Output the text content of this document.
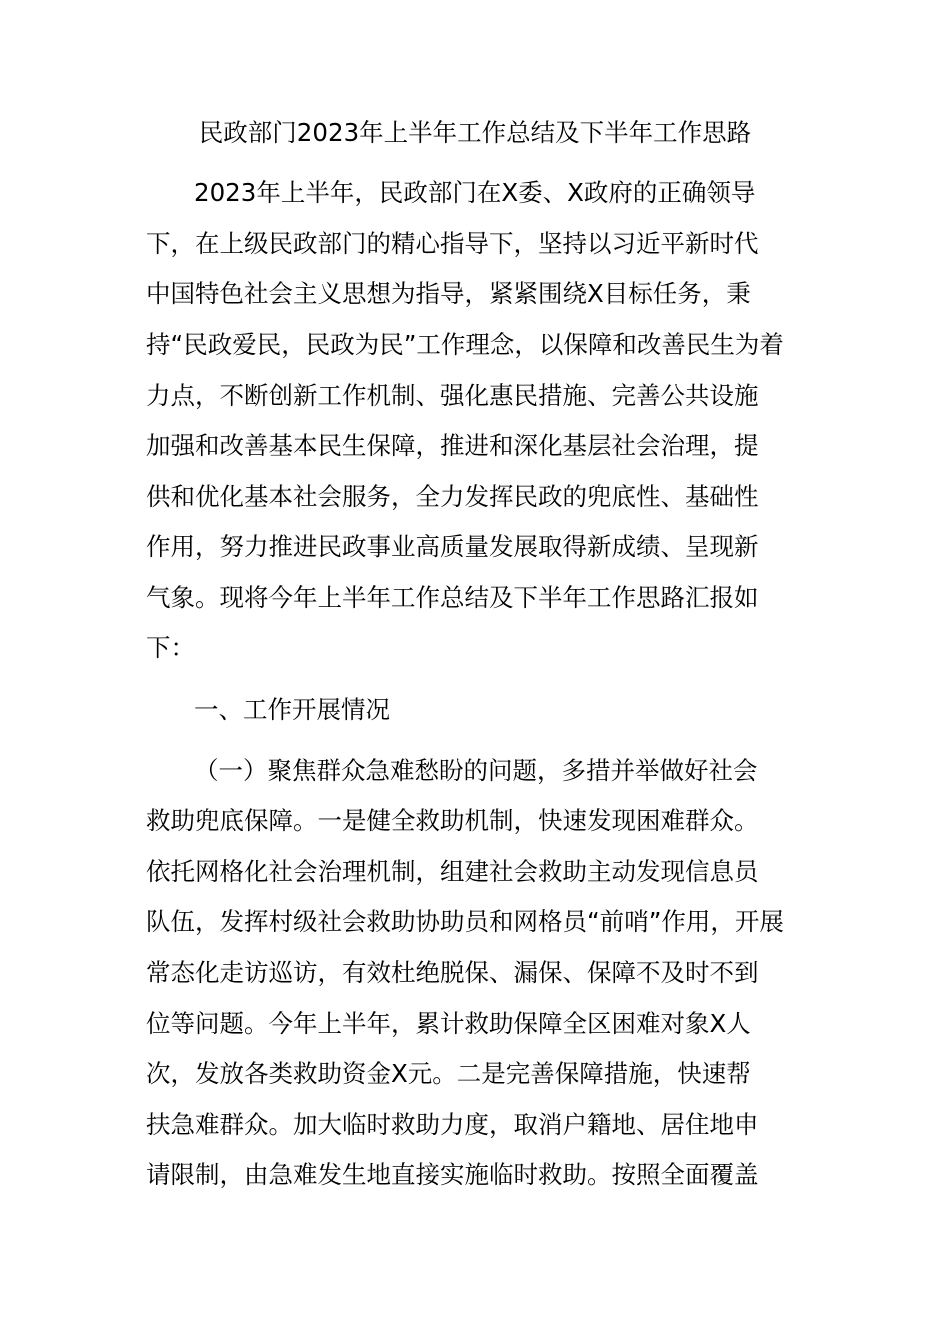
民政部门2023年上半年工作总结及下半年工作思路
2023年上半年，民政部门在X委、X政府的正确领导
下，在上级民政部门的精心指导下，坚持以习近平新时代
中国特色社会主义思想为指导，紧紧围绕X目标任务，秉
持“民政爱民，民政为民”工作理念，以保障和改善民生为着
力点，不断创新工作机制、强化惠民措施、完善公共设施
加强和改善基本民生保障，推进和深化基层社会治理，提
供和优化基本社会服务，全力发挥民政的兜底性、基础性
作用，努力推进民政事业高质量发展取得新成绩、呈现新
气象。现将今年上半年工作总结及下半年工作思路汇报如
下：
一、工作开展情况
（一）聚焦群众急难愁盼的问题，多措并举做好社会
救助兜底保障。一是健全救助机制，快速发现困难群众。
依托网格化社会治理机制，组建社会救助主动发现信息员
队伍，发挥村级社会救助协助员和网格员“前哨”作用，开展
常态化走访巡访，有效杜绝脱保、漏保、保障不及时不到
位等问题。今年上半年，累计救助保障全区困难对象X人
次，发放各类救助资金X元。二是完善保障措施，快速帮
扶急难群众。加大临时救助力度，取消户籍地、居住地申
请限制，由急难发生地直接实施临时救助。按照全面覆盖
